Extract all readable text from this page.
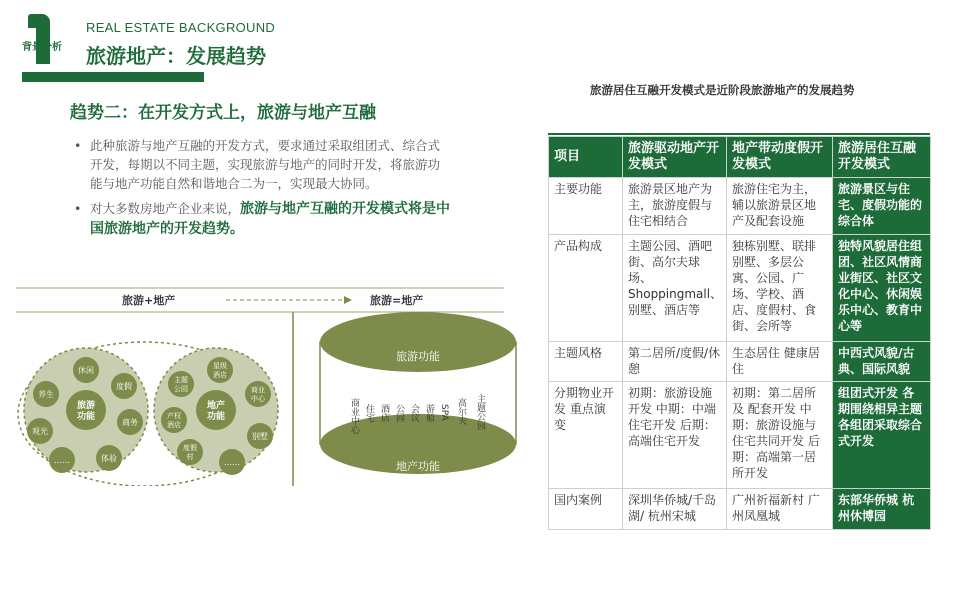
背景分析
REAL ESTATE BACKGROUND
旅游地产：发展趋势
趋势二：在开发方式上，旅游与地产互融
• 此种旅游与地产互融的开发方式，要求通过采取组团式、综合式开发，每期以不同主题，实现旅游与地产的同时开发，将旅游功能与地产功能自然和谐地合二为一，实现最大协同。
• 对大多数房地产企业来说，旅游与地产互融的开发模式将是中国旅游地产的开发趋势。
旅游+地产	旅游=地产
旅游功能
休闲
度假
养生
商务
观光
……	体验
地产功能
主题公园
星级酒店
商业中心
产权酒店
别墅
度假村
……
旅游功能
地产功能
商业中心 住宅 酒店 公园 会议 游船 SPA 高尔夫 主题公园
旅游居住互融开发模式是近阶段旅游地产的发展趋势
项目	旅游驱动地产开发模式	地产带动度假开发模式	旅游居住互融 开发模式
主要功能	旅游景区地产为主，旅游度假与住宅相结合	旅游住宅为主，辅以旅游景区地产及配套设施	旅游景区与住宅、度假功能的综合体
产品构成	主题公园、酒吧街、高尔夫球场、Shoppingmall、别墅、酒店等	独栋别墅、联排别墅、多层公寓、公园、广场、学校、酒店、度假村、食街、会所等	独特风貌居住组团、社区风情商业街区、社区文化中心、休闲娱乐中心、教育中心等
主题风格	第二居所/度假/休憩	生态居住 健康居住	中西式风貌/古典、国际风貌
分期物业开发 重点演变	初期：旅游设施开发 中期：中端住宅开发 后期：高端住宅开发	初期：第二居所及 配套开发 中期：旅游设施与住宅共同开发 后期：高端第一居所开发	组团式开发 各期围绕相异主题 各组团采取综合式开发
国内案例	深圳华侨城/千岛湖/ 杭州宋城	广州祈福新村 广州凤凰城	东部华侨城 杭州休博园
